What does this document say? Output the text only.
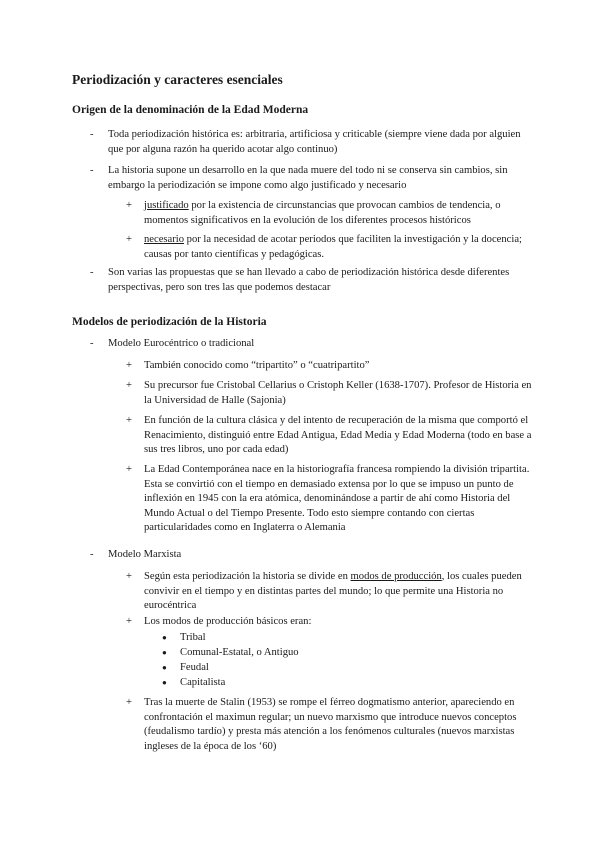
Periodización y caracteres esenciales
Origen de la denominación de la Edad Moderna
- Toda periodización histórica es: arbitraria, artificiosa y criticable (siempre viene dada por alguien que por alguna razón ha querido acotar algo continuo)
- La historia supone un desarrollo en la que nada muere del todo ni se conserva sin cambios, sin embargo la periodización se impone como algo justificado y necesario
+ justificado por la existencia de circunstancias que provocan cambios de tendencia, o momentos significativos en la evolución de los diferentes procesos históricos
+ necesario por la necesidad de acotar periodos que faciliten la investigación y la docencia; causas por tanto científicas y pedagógicas.
- Son varias las propuestas que se han llevado a cabo de periodización histórica desde diferentes perspectivas, pero son tres las que podemos destacar
Modelos de periodización de la Historia
- Modelo Eurocéntrico o tradicional
+ También conocido como “tripartito” o “cuatripartito”
+ Su precursor fue Cristobal Cellarius o Cristoph Keller (1638-1707). Profesor de Historia en la Universidad de Halle (Sajonia)
+ En función de la cultura clásica y del intento de recuperación de la misma que comportó el Renacimiento, distinguió entre Edad Antigua, Edad Media y Edad Moderna (todo en base a sus tres libros, uno por cada edad)
+ La Edad Contemporánea nace en la historiografía francesa rompiendo la división tripartita. Esta se convirtió con el tiempo en demasiado extensa por lo que se impuso un punto de inflexión en 1945 con la era atómica, denominándose a partir de ahí como Historia del Mundo Actual o del Tiempo Presente. Todo esto siempre contando con ciertas particularidades como en Inglaterra o Alemania
- Modelo Marxista
+ Según esta periodización la historia se divide en modos de producción, los cuales pueden convivir en el tiempo y en distintas partes del mundo; lo que permite una Historia no eurocéntrica
+ Los modos de producción básicos eran:
● Tribal
● Comunal-Estatal, o Antiguo
● Feudal
● Capitalista
+ Tras la muerte de Stalin (1953) se rompe el férreo dogmatismo anterior, apareciendo en confrontación el maximun regular; un nuevo marxismo que introduce nuevos conceptos (feudalismo tardío) y presta más atención a los fenómenos culturales (nuevos marxistas ingleses de la época de los ‘60)
